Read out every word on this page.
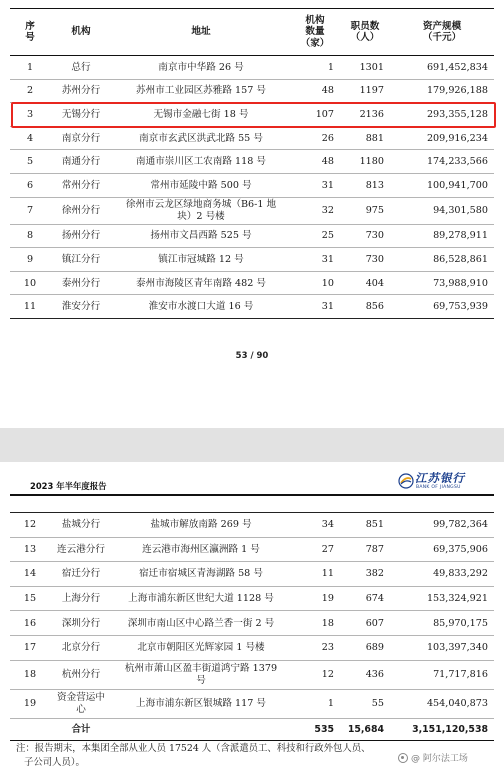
序
号	机构	地址	机构
数量
（家）	职员数
（人）	资产规模
（千元）
1	总行	南京市中华路 26 号	1	1301	691,452,834
2	苏州分行	苏州市工业园区苏雅路 157 号	48	1197	179,926,188
3	无锡分行	无锡市金融七街 18 号	107	2136	293,355,128
4	南京分行	南京市玄武区洪武北路 55 号	26	881	209,916,234
5	南通分行	南通市崇川区工农南路 118 号	48	1180	174,233,566
6	常州分行	常州市延陵中路 500 号	31	813	100,941,700
7	徐州分行	徐州市云龙区绿地商务城（B6-1 地
块）2 号楼	32	975	94,301,580
8	扬州分行	扬州市文昌西路 525 号	25	730	89,278,911
9	镇江分行	镇江市冠城路 12 号	31	730	86,528,861
10	泰州分行	泰州市海陵区青年南路 482 号	10	404	73,988,910
11	淮安分行	淮安市水渡口大道 16 号	31	856	69,753,939
53 / 90
2023 年半年度报告
江苏银行
BANK OF JIANGSU
12	盐城分行	盐城市解放南路 269 号	34	851	99,782,364
13	连云港分行	连云港市海州区瀛洲路 1 号	27	787	69,375,906
14	宿迁分行	宿迁市宿城区青海湖路 58 号	11	382	49,833,292
15	上海分行	上海市浦东新区世纪大道 1128 号	19	674	153,324,921
16	深圳分行	深圳市南山区中心路兰香一街 2 号	18	607	85,970,175
17	北京分行	北京市朝阳区光辉家园 1 号楼	23	689	103,397,340
18	杭州分行	杭州市萧山区盈丰街道鸿宁路 1379
号	12	436	71,717,816
19	资金营运中
心	上海市浦东新区银城路 117 号	1	55	454,040,873
	合计		535	15,684	3,151,120,538
注：报告期末，本集团全部从业人员 17524 人（含派遣员工、科技和行政外包人员、
子公司人员）。	@ 阿尔法工场
